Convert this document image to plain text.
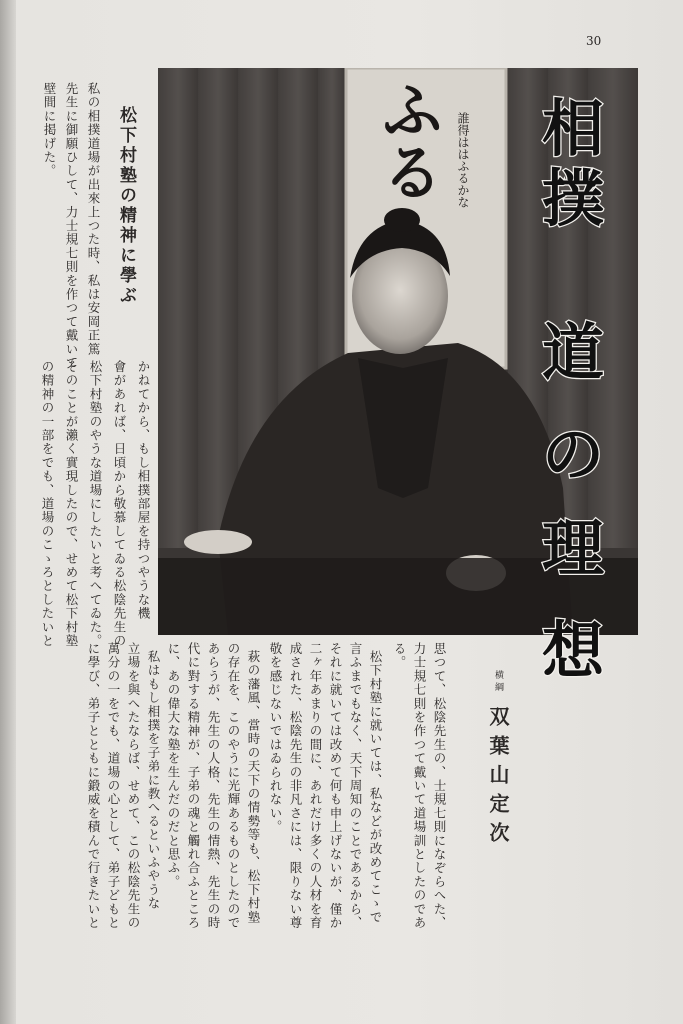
30
ふる 誰得ははふるかな 相
撲
道
の
理
想
松下村塾の精神に學ぶ
私の相撲道場が出來上つた時、私は安岡正篤
先生に御願ひして、力士規七則を作つて戴いて
壁間に掲げた。
かねてから、もし相撲部屋を持つやうな機
會があれば、日頃から敬慕してゐる松陰先生の
松下村塾のやうな道場にしたいと考へてゐた。
そのことが瀨く實現したので、せめて松下村塾
の精神の一部をでも、道場のこゝろとしたいと
横綱
双葉山定次
思つて、松陰先生の、士規七則になぞらへた、
力士規七則を作つて戴いて道場訓としたのであ
る。
松下村塾に就いては、私などが改めてこゝで
言ふまでもなく、天下周知のことであるから、
それに就いては改めて何も申上げないが、僅か
二ヶ年あまりの間に、あれだけ多くの人材を育
成された、松陰先生の非凡さには、限りない尊
敬を感じないではゐられない。
萩の藩風、當時の天下の情勢等も、松下村塾
の存在を、このやうに光輝あるものとしたので
あらうが、先生の人格、先生の情熱、先生の時
代に對する精神が、子弟の魂と觸れ合ふところ
に、あの偉大な塾を生んだのだと思ふ。
私はもし相撲を子弟に教へるといふやうな
立場を與へたならば、せめて、この松陰先生の
萬分の一をでも、道場の心として、弟子どもと
に學び、弟子とともに鍛威を積んで行きたいと
